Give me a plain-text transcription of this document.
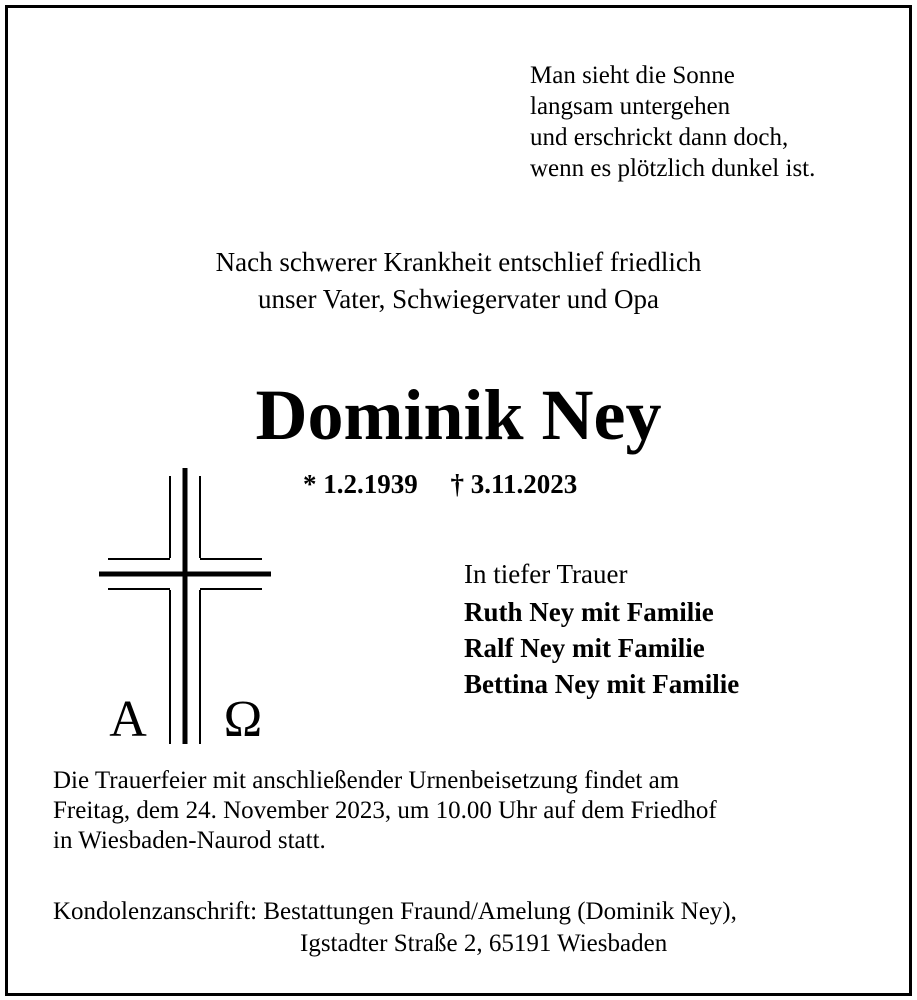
Man sieht die Sonne
langsam untergehen
und erschrickt dann doch,
wenn es plötzlich dunkel ist.
Nach schwerer Krankheit entschlief friedlich
unser Vater, Schwiegervater und Opa
Dominik Ney
* 1.2.1939 † 3.11.2023
A Ω
In tiefer Trauer
Ruth Ney mit Familie
Ralf Ney mit Familie
Bettina Ney mit Familie
Die Trauerfeier mit anschließender Urnenbeisetzung findet am
Freitag, dem 24. November 2023, um 10.00 Uhr auf dem Friedhof
in Wiesbaden-Naurod statt.
Kondolenzanschrift: Bestattungen Fraund/Amelung (Dominik Ney),
Igstadter Straße 2, 65191 Wiesbaden
